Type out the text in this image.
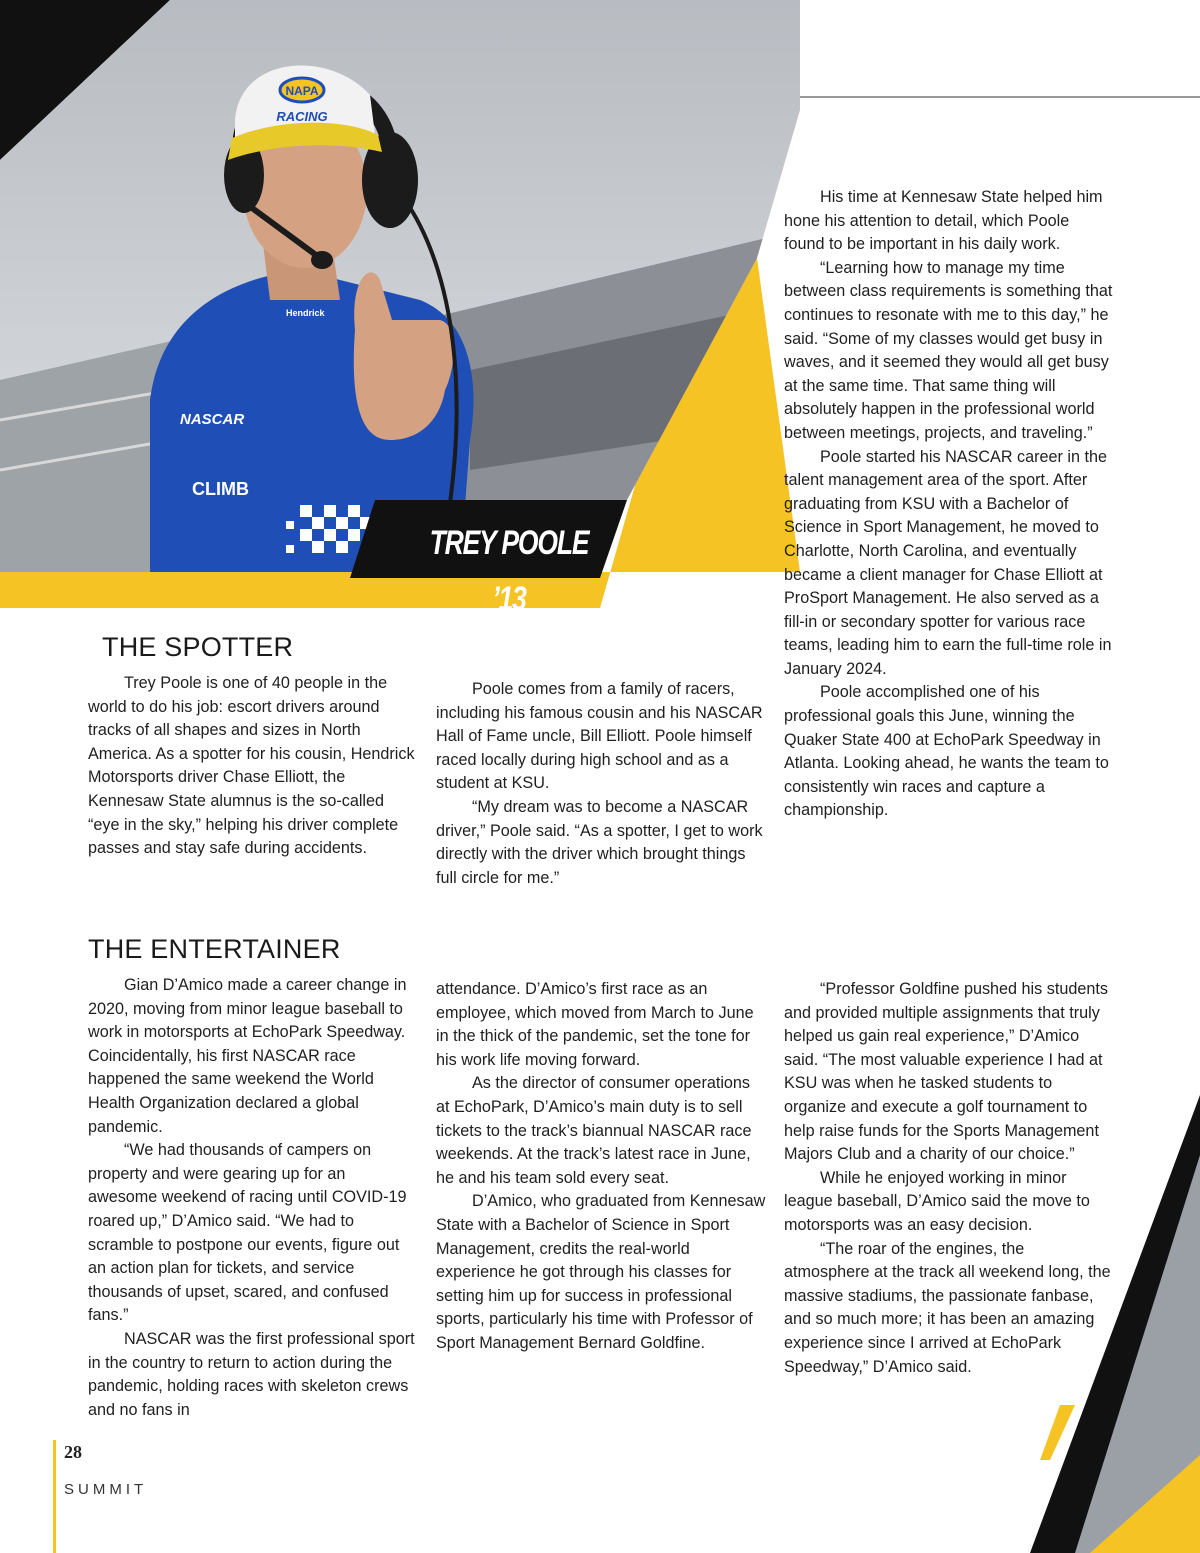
NAPA
RACING
NASCAR
CLIMB
Hendrick
TREY POOLE ’13
THE SPOTTER

Trey Poole is one of 40 people in the world to do his job: escort drivers around tracks of all shapes and sizes in North America. As a spotter for his cousin, Hendrick Motorsports driver Chase Elliott, the Kennesaw State alumnus is the so-called “eye in the sky,” helping his driver complete passes and stay safe during accidents.

Poole comes from a family of racers, including his famous cousin and his NASCAR Hall of Fame uncle, Bill Elliott. Poole himself raced locally during high school and as a student at KSU.

“My dream was to become a NASCAR driver,” Poole said. “As a spotter, I get to work directly with the driver which brought things full circle for me.”

His time at Kennesaw State helped him hone his attention to detail, which Poole found to be important in his daily work.

“Learning how to manage my time between class requirements is something that continues to resonate with me to this day,” he said. “Some of my classes would get busy in waves, and it seemed they would all get busy at the same time. That same thing will absolutely happen in the professional world between meetings, projects, and traveling.”

Poole started his NASCAR career in the talent management area of the sport. After graduating from KSU with a Bachelor of Science in Sport Management, he moved to Charlotte, North Carolina, and eventually became a client manager for Chase Elliott at ProSport Management. He also served as a fill-in or secondary spotter for various race teams, leading him to earn the full-time role in January 2024.

Poole accomplished one of his professional goals this June, winning the Quaker State 400 at EchoPark Speedway in Atlanta. Looking ahead, he wants the team to consistently win races and capture a championship.

THE ENTERTAINER

Gian D’Amico made a career change in 2020, moving from minor league baseball to work in motorsports at EchoPark Speedway. Coincidentally, his first NASCAR race happened the same weekend the World Health Organization declared a global pandemic.

“We had thousands of campers on property and were gearing up for an awesome weekend of racing until COVID-19 roared up,” D’Amico said. “We had to scramble to postpone our events, figure out an action plan for tickets, and service thousands of upset, scared, and confused fans.”

NASCAR was the first professional sport in the country to return to action during the pandemic, holding races with skeleton crews and no fans in

attendance. D’Amico’s first race as an employee, which moved from March to June in the thick of the pandemic, set the tone for his work life moving forward.

As the director of consumer operations at EchoPark, D’Amico’s main duty is to sell tickets to the track’s biannual NASCAR race weekends. At the track’s latest race in June, he and his team sold every seat.

D’Amico, who graduated from Kennesaw State with a Bachelor of Science in Sport Management, credits the real-world experience he got through his classes for setting him up for success in professional sports, particularly his time with Professor of Sport Management Bernard Goldfine.

“Professor Goldfine pushed his students and provided multiple assignments that truly helped us gain real experience,” D’Amico said. “The most valuable experience I had at KSU was when he tasked students to organize and execute a golf tournament to help raise funds for the Sports Management Majors Club and a charity of our choice.”

While he enjoyed working in minor league baseball, D’Amico said the move to motorsports was an easy decision.

“The roar of the engines, the atmosphere at the track all weekend long, the massive stadiums, the passionate fanbase, and so much more; it has been an amazing experience since I arrived at EchoPark Speedway,” D’Amico said.

28
SUMMIT
